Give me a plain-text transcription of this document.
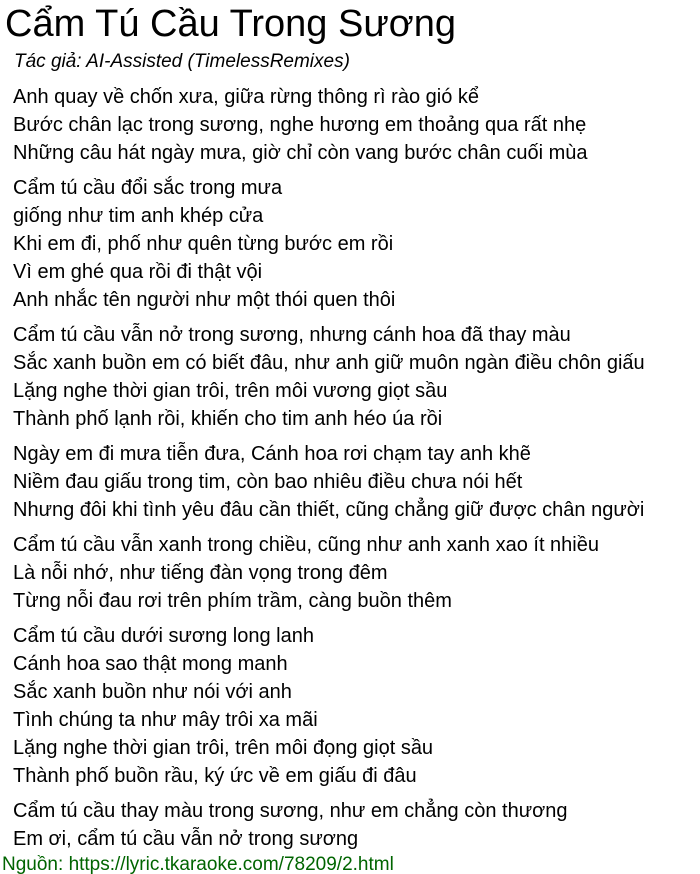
Cẩm Tú Cầu Trong Sương
Tác giả: AI-Assisted (TimelessRemixes)

Anh quay về chốn xưa, giữa rừng thông rì rào gió kể
Bước chân lạc trong sương, nghe hương em thoảng qua rất nhẹ
Những câu hát ngày mưa, giờ chỉ còn vang bước chân cuối mùa

Cẩm tú cầu đổi sắc trong mưa
giống như tim anh khép cửa
Khi em đi, phố như quên từng bước em rồi
Vì em ghé qua rồi đi thật vội
Anh nhắc tên người như một thói quen thôi

Cẩm tú cầu vẫn nở trong sương, nhưng cánh hoa đã thay màu
Sắc xanh buồn em có biết đâu, như anh giữ muôn ngàn điều chôn giấu
Lặng nghe thời gian trôi, trên môi vương giọt sầu
Thành phố lạnh rồi, khiến cho tim anh héo úa rồi

Ngày em đi mưa tiễn đưa, Cánh hoa rơi chạm tay anh khẽ
Niềm đau giấu trong tim, còn bao nhiêu điều chưa nói hết
Nhưng đôi khi tình yêu đâu cần thiết, cũng chẳng giữ được chân người

Cẩm tú cầu vẫn xanh trong chiều, cũng như anh xanh xao ít nhiều
Là nỗi nhớ, như tiếng đàn vọng trong đêm
Từng nỗi đau rơi trên phím trầm, càng buồn thêm

Cẩm tú cầu dưới sương long lanh
Cánh hoa sao thật mong manh
Sắc xanh buồn như nói với anh
Tình chúng ta như mây trôi xa mãi
Lặng nghe thời gian trôi, trên môi đọng giọt sầu
Thành phố buồn rầu, ký ức về em giấu đi đâu

Cẩm tú cầu thay màu trong sương, như em chẳng còn thương
Em ơi, cẩm tú cầu vẫn nở trong sương

Nguồn: https://lyric.tkaraoke.com/78209/2.html
